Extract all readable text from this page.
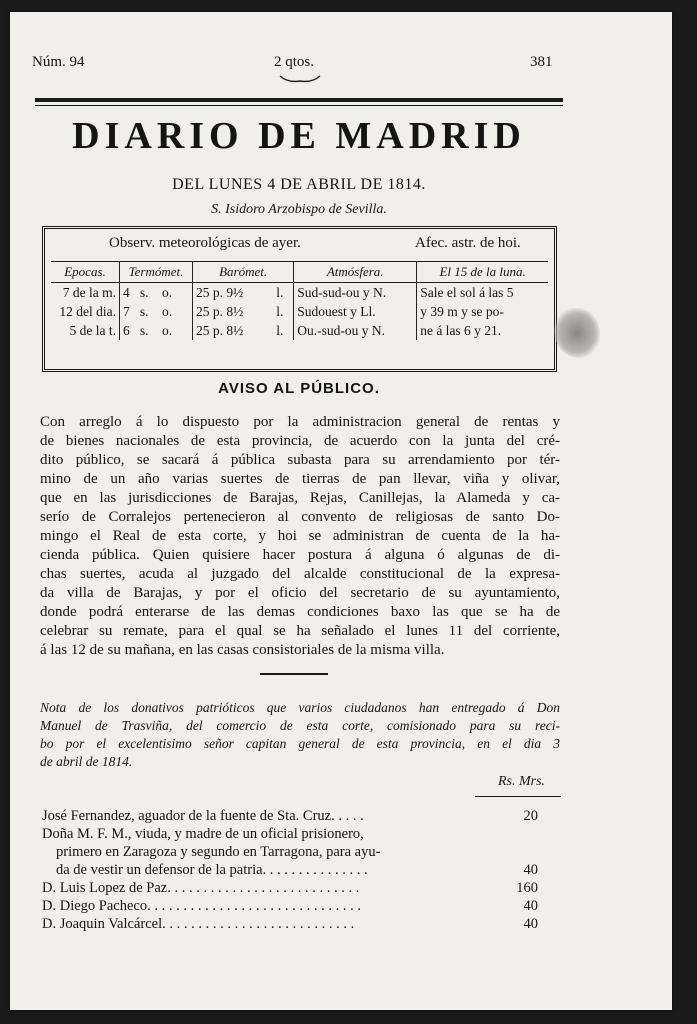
Núm. 94	2 qtos.	381
DIARIO DE MADRID
DEL LUNES 4 DE ABRIL DE 1814.
S. Isidoro Arzobispo de Sevilla.
Observ. meteorológicas de ayer.	Afec. astr. de hoi.
Epocas.	Termómet.	Barómet.		Atmósfera.	El 15 de la luna.
7 de la m.	4 s. o.	25 p. 9½	l.	Sud-sud-ou y N.	Sale el sol á las 5
12 del dia.	7 s. o.	25 p. 8½	l.	Sudouest y Ll.	y 39 m y se po-
5 de la t.	6 s. o.	25 p. 8½	l.	Ou.-sud-ou y N.	ne á las 6 y 21.
AVISO AL PÚBLICO.
Con arreglo á lo dispuesto por la administracion general de rentas y
de bienes nacionales de esta provincia, de acuerdo con la junta del cré-
dito público, se sacará á pública subasta para su arrendamiento por tér-
mino de un año varias suertes de tierras de pan llevar, viña y olivar,
que en las jurisdicciones de Barajas, Rejas, Canillejas, la Alameda y ca-
serío de Corralejos pertenecieron al convento de religiosas de santo Do-
mingo el Real de esta corte, y hoi se administran de cuenta de la ha-
cienda pública. Quien quisiere hacer postura á alguna ó algunas de di-
chas suertes, acuda al juzgado del alcalde constitucional de la expresa-
da villa de Barajas, y por el oficio del secretario de su ayuntamiento,
donde podrá enterarse de las demas condiciones baxo las que se ha de
celebrar su remate, para el qual se ha señalado el lunes 11 del corriente,
á las 12 de su mañana, en las casas consistoriales de la misma villa.
Nota de los donativos patrióticos que varios ciudadanos han entregado á Don
Manuel de Trasviña, del comercio de esta corte, comisionado para su reci-
bo por el excelentisimo señor capitan general de esta provincia, en el dia 3
de abril de 1814.
Rs. Mrs.
José Fernandez, aguador de la fuente de Sta. Cruz. . . . .	20
Doña M. F. M., viuda, y madre de un oficial prisionero,
primero en Zaragoza y segundo en Tarragona, para ayu-
da de vestir un defensor de la patria. . . . . . . . . . . . . . .	40
D. Luis Lopez de Paz. . . . . . . . . . . . . . . . . . . . . . . . . . .	160
D. Diego Pacheco. . . . . . . . . . . . . . . . . . . . . . . . . . . . . .	40
D. Joaquin Valcárcel. . . . . . . . . . . . . . . . . . . . . . . . . . .	40
